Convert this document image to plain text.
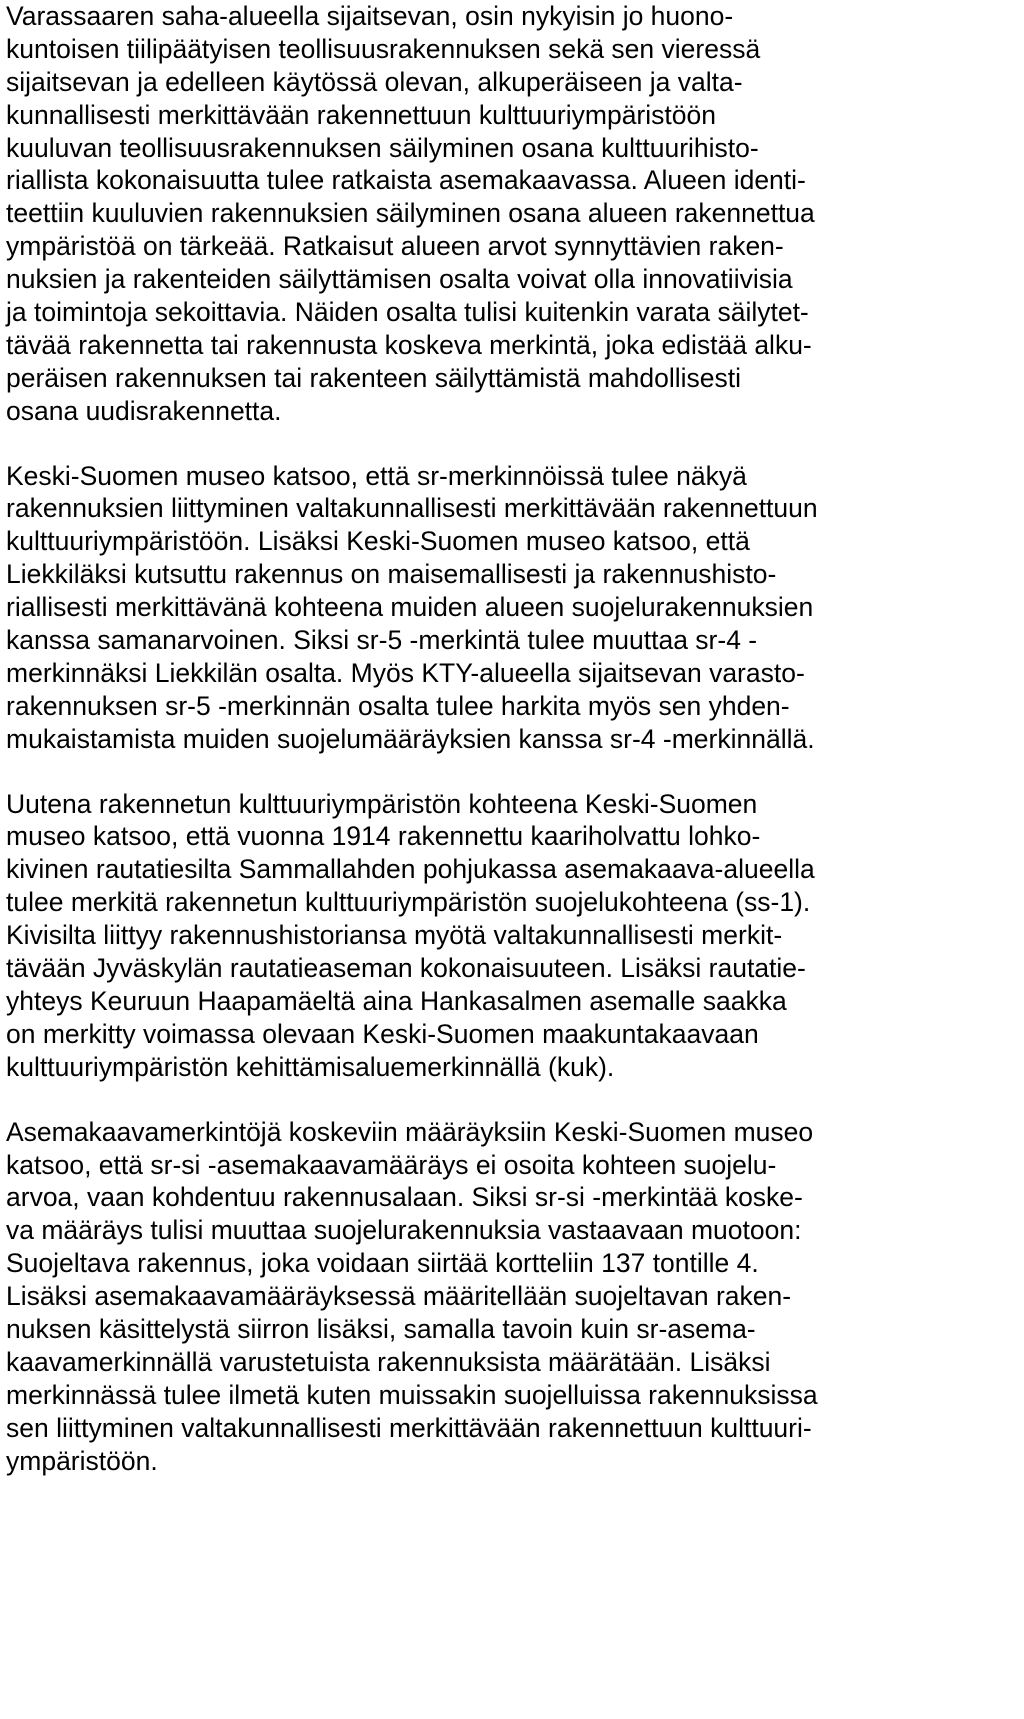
Varassaaren saha-alueella sijaitsevan, osin nykyisin jo huono-
kuntoisen tiilipäätyisen teollisuusrakennuksen sekä sen vieressä
sijaitsevan ja edelleen käytössä olevan, alkuperäiseen ja valta-
kunnallisesti merkittävään rakennettuun kulttuuriympäristöön
kuuluvan teollisuusrakennuksen säilyminen osana kulttuurihisto-
riallista kokonaisuutta tulee ratkaista asemakaavassa. Alueen identi-
teettiin kuuluvien rakennuksien säilyminen osana alueen rakennettua
ympäristöä on tärkeää. Ratkaisut alueen arvot synnyttävien raken-
nuksien ja rakenteiden säilyttämisen osalta voivat olla innovatiivisia
ja toimintoja sekoittavia. Näiden osalta tulisi kuitenkin varata säilytet-
tävää rakennetta tai rakennusta koskeva merkintä, joka edistää alku-
peräisen rakennuksen tai rakenteen säilyttämistä mahdollisesti
osana uudisrakennetta.
Keski-Suomen museo katsoo, että sr-merkinnöissä tulee näkyä
rakennuksien liittyminen valtakunnallisesti merkittävään rakennettuun
kulttuuriympäristöön. Lisäksi Keski-Suomen museo katsoo, että
Liekkiläksi kutsuttu rakennus on maisemallisesti ja rakennushisto-
riallisesti merkittävänä kohteena muiden alueen suojelurakennuksien
kanssa samanarvoinen. Siksi sr-5 -merkintä tulee muuttaa sr-4 -
merkinnäksi Liekkilän osalta. Myös KTY-alueella sijaitsevan varasto-
rakennuksen sr-5 -merkinnän osalta tulee harkita myös sen yhden-
mukaistamista muiden suojelumääräyksien kanssa sr-4 -merkinnällä.
Uutena rakennetun kulttuuriympäristön kohteena Keski-Suomen
museo katsoo, että vuonna 1914 rakennettu kaariholvattu lohko-
kivinen rautatiesilta Sammallahden pohjukassa asemakaava-alueella
tulee merkitä rakennetun kulttuuriympäristön suojelukohteena (ss-1).
Kivisilta liittyy rakennushistoriansa myötä valtakunnallisesti merkit-
tävään Jyväskylän rautatieaseman kokonaisuuteen. Lisäksi rautatie-
yhteys Keuruun Haapamäeltä aina Hankasalmen asemalle saakka
on merkitty voimassa olevaan Keski-Suomen maakuntakaavaan
kulttuuriympäristön kehittämisaluemerkinnällä (kuk).
Asemakaavamerkintöjä koskeviin määräyksiin Keski-Suomen museo
katsoo, että sr-si -asemakaavamääräys ei osoita kohteen suojelu-
arvoa, vaan kohdentuu rakennusalaan. Siksi sr-si -merkintää koske-
va määräys tulisi muuttaa suojelurakennuksia vastaavaan muotoon:
Suojeltava rakennus, joka voidaan siirtää kortteliin 137 tontille 4.
Lisäksi asemakaavamääräyksessä määritellään suojeltavan raken-
nuksen käsittelystä siirron lisäksi, samalla tavoin kuin sr-asema-
kaavamerkinnällä varustetuista rakennuksista määrätään. Lisäksi
merkinnässä tulee ilmetä kuten muissakin suojelluissa rakennuksissa
sen liittyminen valtakunnallisesti merkittävään rakennettuun kulttuuri-
ympäristöön.
